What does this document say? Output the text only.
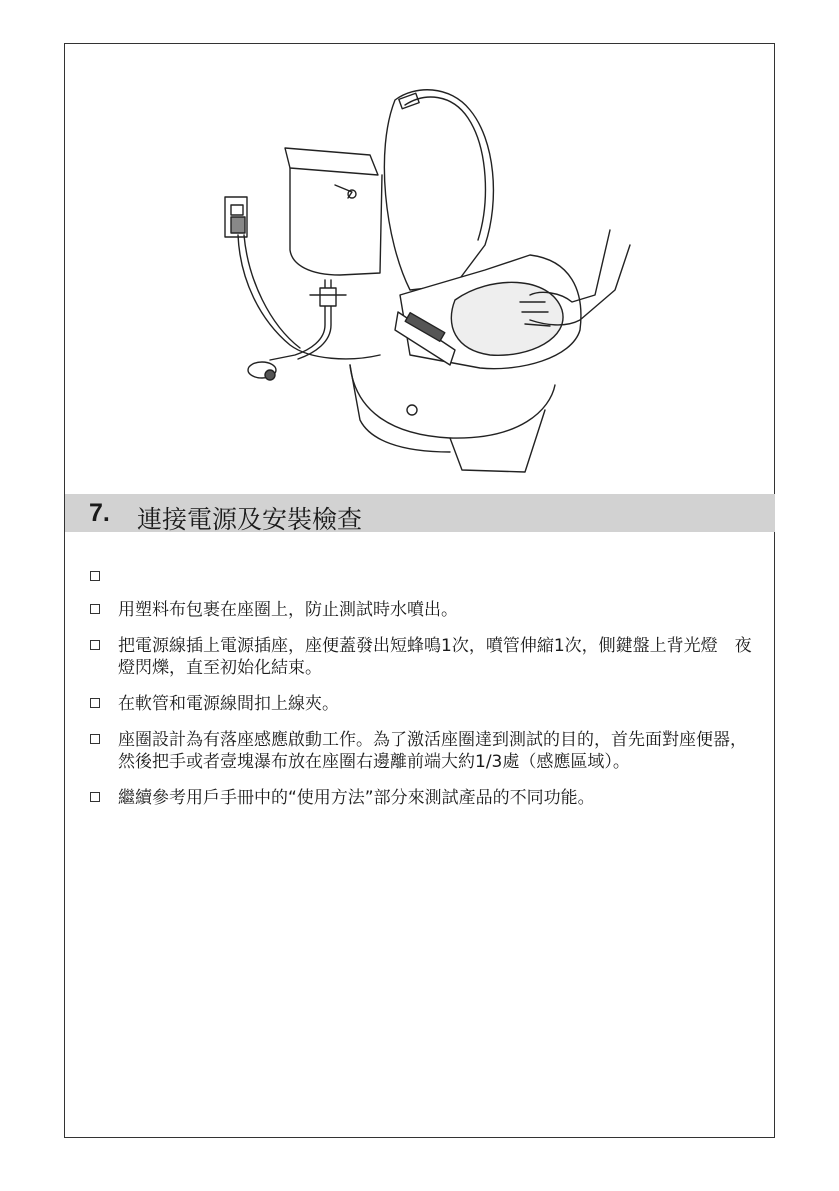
7. 連接電源及安裝檢查
用塑料布包裹在座圈上，防止測試時水噴出。
把電源線插上電源插座，座便蓋發出短蜂鳴1次，噴管伸縮1次，側鍵盤上背光燈　夜燈閃爍，直至初始化結束。
在軟管和電源線間扣上線夾。
座圈設計為有落座感應啟動工作。為了激活座圈達到測試的目的，首先面對座便器，然後把手或者壹塊瀑布放在座圈右邊離前端大約1/3處（感應區域）。
繼續參考用戶手冊中的“使用方法”部分來測試產品的不同功能。
